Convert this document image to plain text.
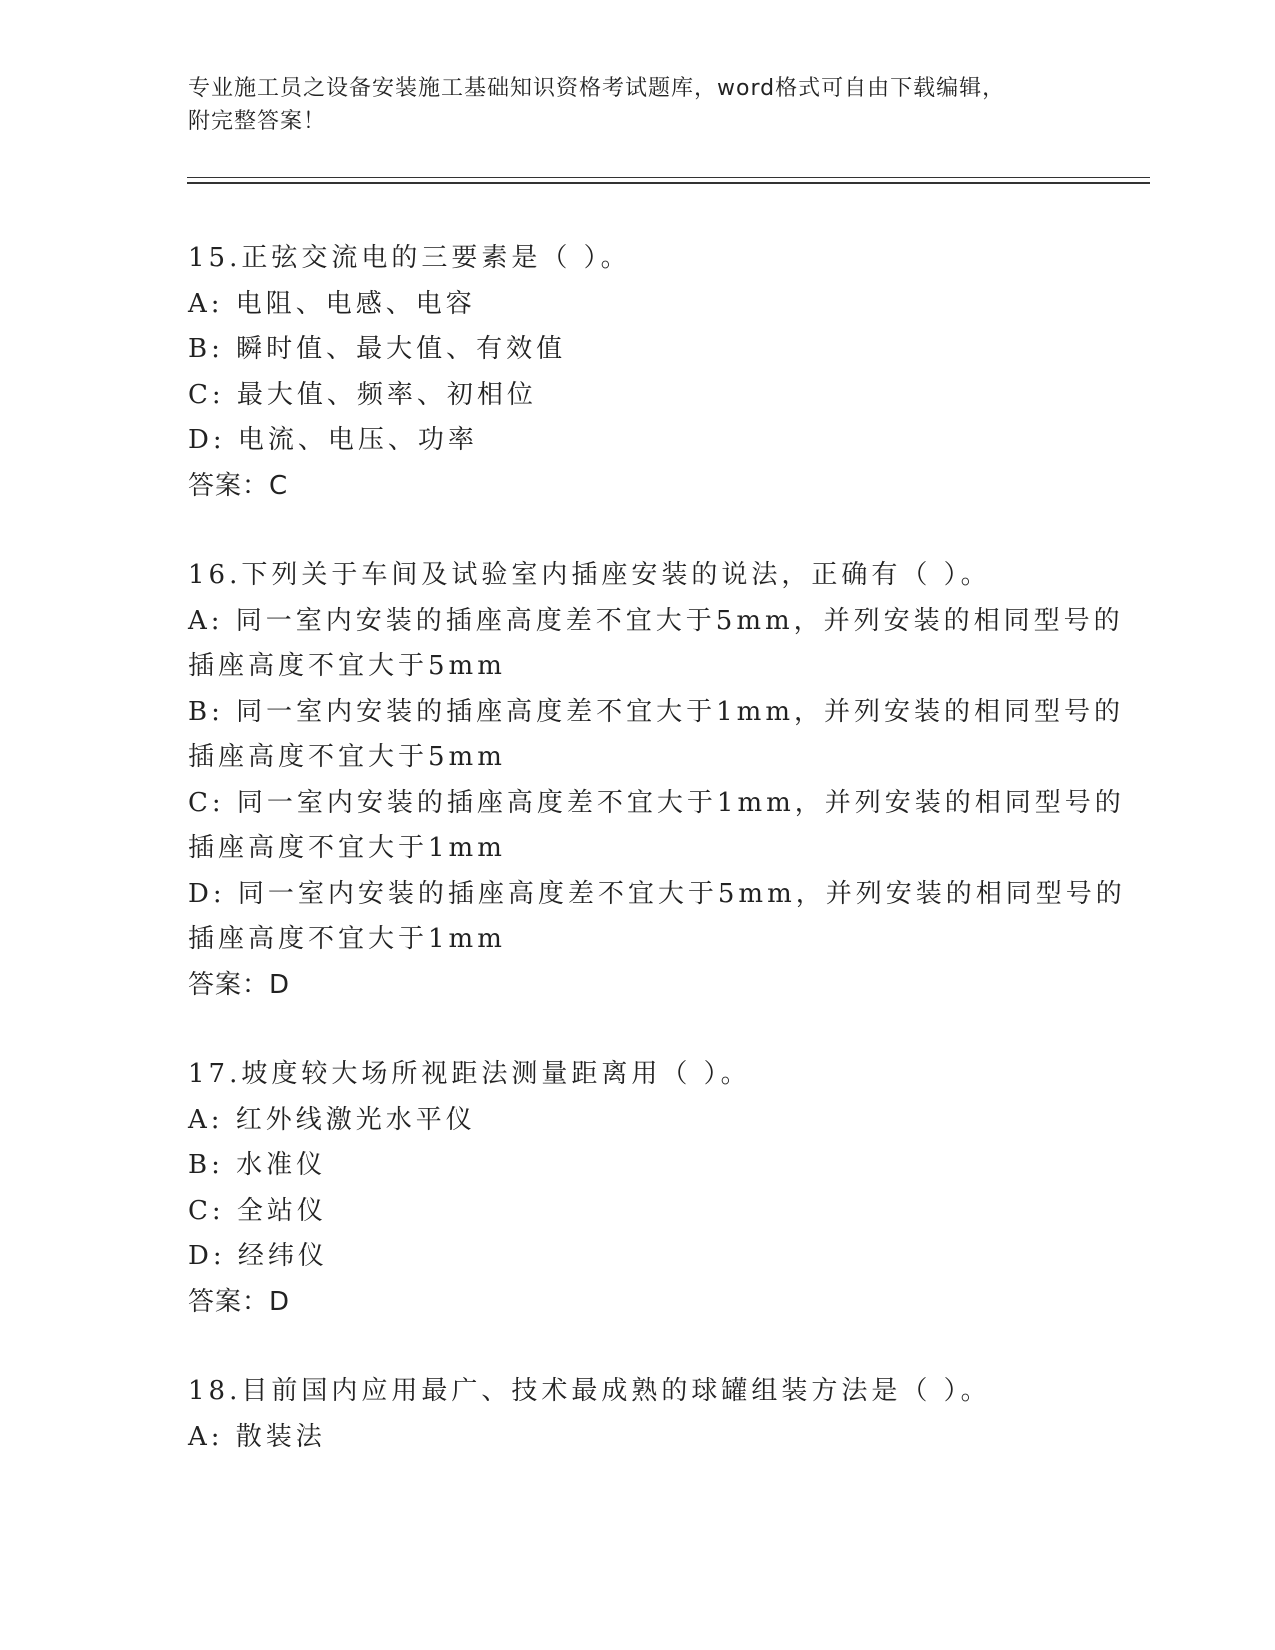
专业施工员之设备安装施工基础知识资格考试题库，word格式可自由下载编辑，
附完整答案！
15.正弦交流电的三要素是（ ）。
A: 电阻、电感、电容
B: 瞬时值、最大值、有效值
C: 最大值、频率、初相位
D: 电流、电压、功率
答案：C
16.下列关于车间及试验室内插座安装的说法，正确有（ ）。
A: 同一室内安装的插座高度差不宜大于5mm，并列安装的相同型号的
插座高度不宜大于5mm
B: 同一室内安装的插座高度差不宜大于1mm，并列安装的相同型号的
插座高度不宜大于5mm
C: 同一室内安装的插座高度差不宜大于1mm，并列安装的相同型号的
插座高度不宜大于1mm
D: 同一室内安装的插座高度差不宜大于5mm，并列安装的相同型号的
插座高度不宜大于1mm
答案：D
17.坡度较大场所视距法测量距离用（ ）。
A: 红外线激光水平仪
B: 水准仪
C: 全站仪
D: 经纬仪
答案：D
18.目前国内应用最广、技术最成熟的球罐组装方法是（ ）。
A: 散装法
